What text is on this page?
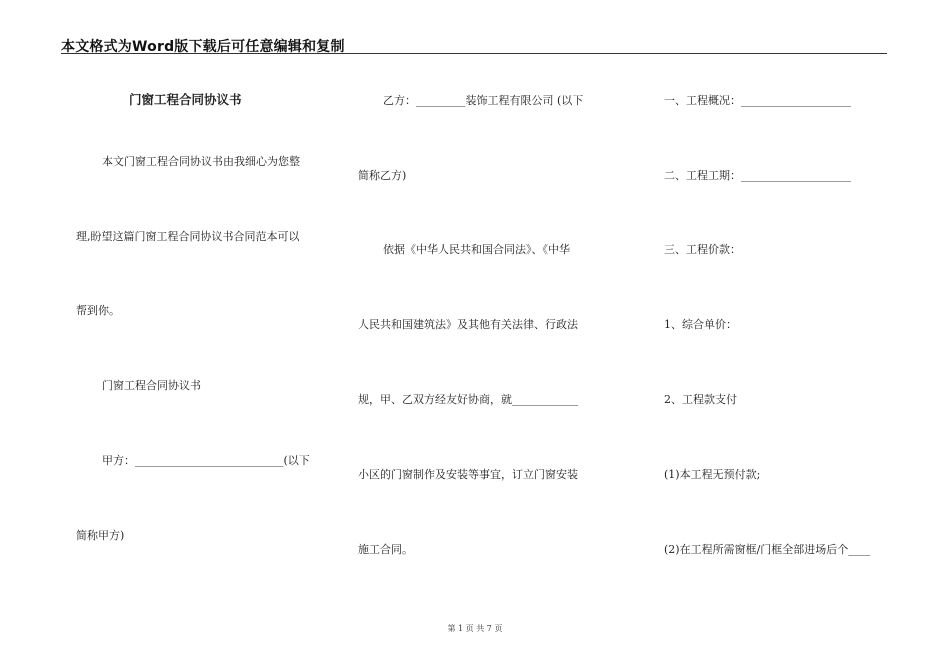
本文格式为Word版下载后可任意编辑和复制
门窗工程合同协议书
本文门窗工程合同协议书由我细心为您整
理,盼望这篇门窗工程合同协议书合同范本可以
帮到你。
门窗工程合同协议书
甲方：___________________________(以下
简称甲方)
乙方：_________装饰工程有限公司 (以下
简称乙方)
依据《中华人民共和国合同法》、《中华
人民共和国建筑法》及其他有关法律、行政法
规，甲、乙双方经友好协商，就____________
小区的门窗制作及安装等事宜，订立门窗安装
施工合同。
一、工程概况：____________________
二、工程工期：____________________
三、工程价款：
1、综合单价：
2、工程款支付
(1)本工程无预付款;
(2)在工程所需窗框/门框全部进场后个____
第 1 页 共 7 页
